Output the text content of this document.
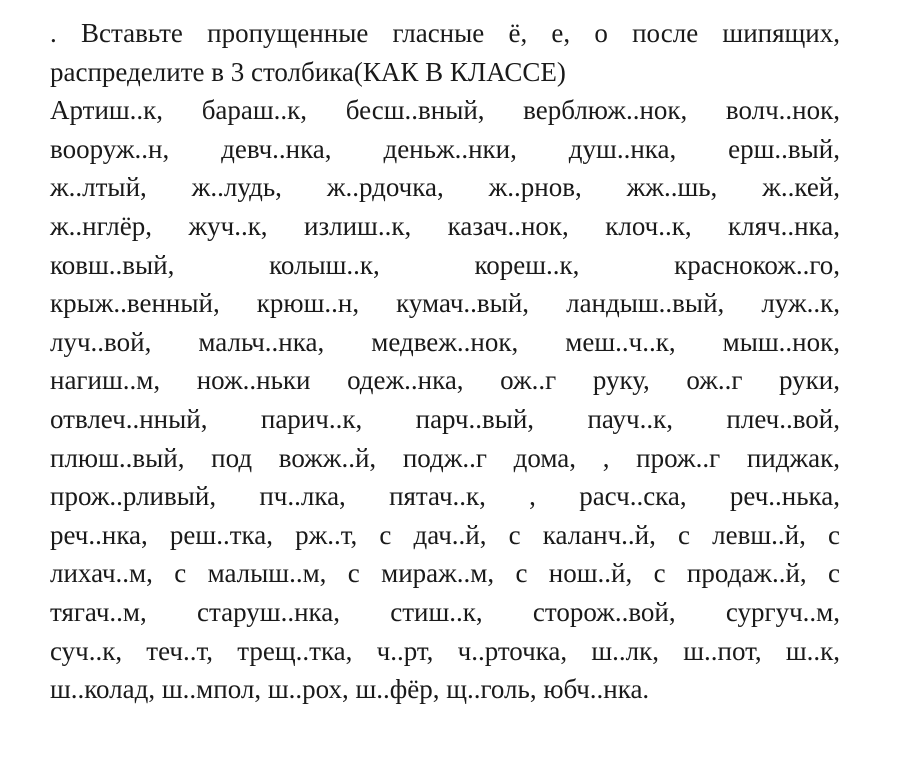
. Вставьте пропущенные гласные ё, е, о после шипящих,
распределите в 3 столбика(КАК В КЛАССЕ)
Артиш..к, бараш..к, бесш..вный, верблюж..нок, волч..нок,
вооруж..н, девч..нка, деньж..нки, душ..нка, ерш..вый,
ж..лтый, ж..лудь, ж..рдочка, ж..рнов, жж..шь, ж..кей,
ж..нглёр, жуч..к, излиш..к, казач..нок, клоч..к, кляч..нка,
ковш..вый, колыш..к, кореш..к, краснокож..го,
крыж..венный, крюш..н, кумач..вый, ландыш..вый, луж..к,
луч..вой, мальч..нка, медвеж..нок, меш..ч..к, мыш..нок,
нагиш..м, нож..ньки одеж..нка, ож..г руку, ож..г руки,
отвлеч..нный, парич..к, парч..вый, пауч..к, плеч..вой,
плюш..вый, под вожж..й, подж..г дома, , прож..г пиджак,
прож..рливый, пч..лка, пятач..к, , расч..ска, реч..нька,
реч..нка, реш..тка, рж..т, с дач..й, с каланч..й, с левш..й, с
лихач..м, с малыш..м, с мираж..м, с нош..й, с продаж..й, с
тягач..м, старуш..нка, стиш..к, сторож..вой, сургуч..м,
суч..к, теч..т, трещ..тка, ч..рт, ч..рточка, ш..лк, ш..пот, ш..к,
ш..колад, ш..мпол, ш..рох, ш..фёр, щ..голь, юбч..нка.
